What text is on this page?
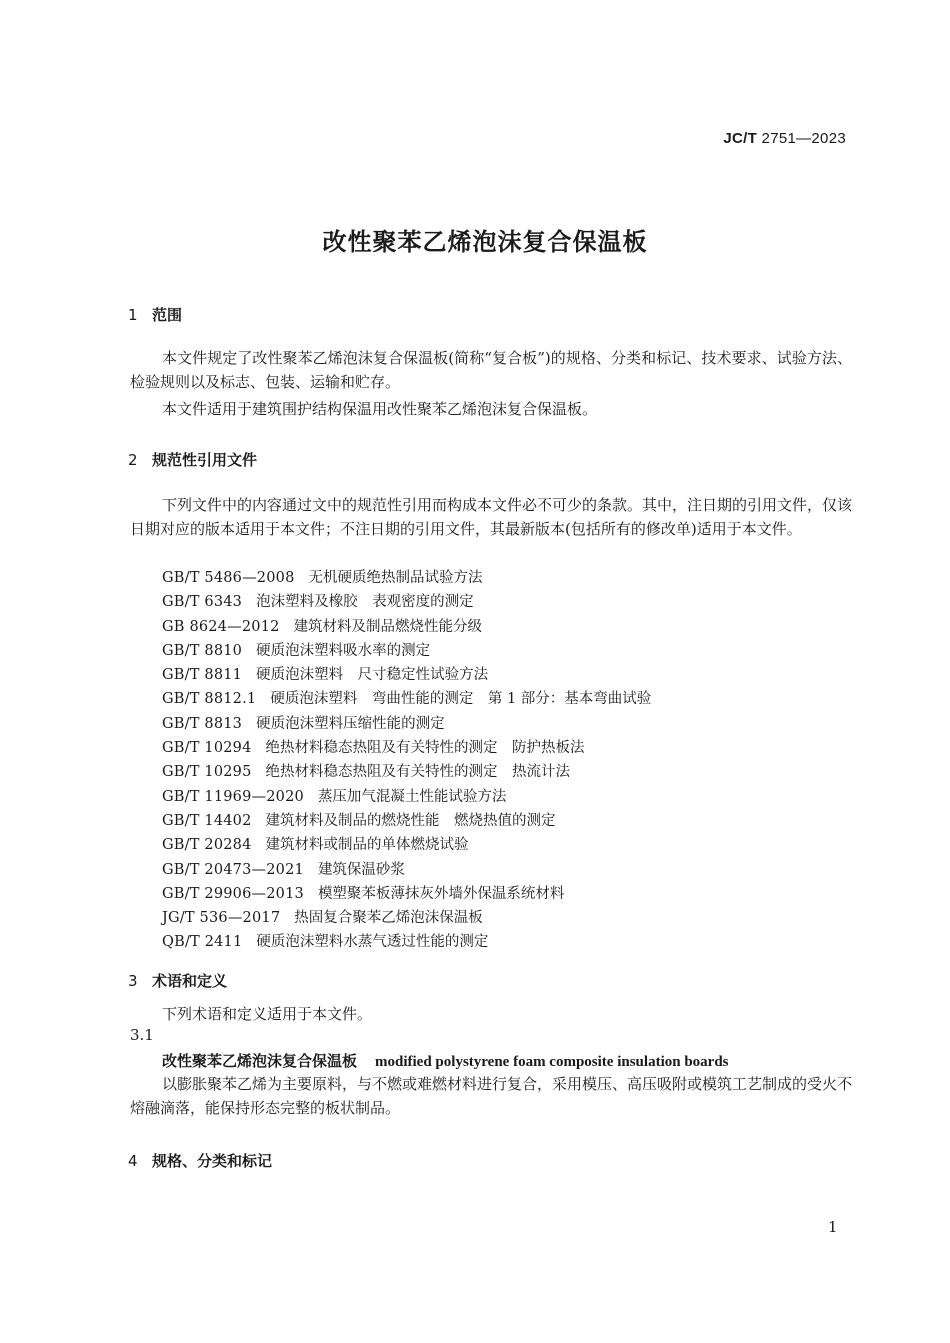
JC/T 2751—2023
改性聚苯乙烯泡沫复合保温板
1 范围
本文件规定了改性聚苯乙烯泡沫复合保温板(简称“复合板”)的规格、分类和标记、技术要求、试验方法、检验规则以及标志、包装、运输和贮存。
本文件适用于建筑围护结构保温用改性聚苯乙烯泡沫复合保温板。
2 规范性引用文件
下列文件中的内容通过文中的规范性引用而构成本文件必不可少的条款。其中，注日期的引用文件，仅该日期对应的版本适用于本文件；不注日期的引用文件，其最新版本(包括所有的修改单)适用于本文件。
GB/T 5486—2008 无机硬质绝热制品试验方法
GB/T 6343 泡沫塑料及橡胶　表观密度的测定
GB 8624—2012 建筑材料及制品燃烧性能分级
GB/T 8810 硬质泡沫塑料吸水率的测定
GB/T 8811 硬质泡沫塑料　尺寸稳定性试验方法
GB/T 8812.1 硬质泡沫塑料　弯曲性能的测定　第 1 部分：基本弯曲试验
GB/T 8813 硬质泡沫塑料压缩性能的测定
GB/T 10294 绝热材料稳态热阻及有关特性的测定　防护热板法
GB/T 10295 绝热材料稳态热阻及有关特性的测定　热流计法
GB/T 11969—2020 蒸压加气混凝土性能试验方法
GB/T 14402 建筑材料及制品的燃烧性能　燃烧热值的测定
GB/T 20284 建筑材料或制品的单体燃烧试验
GB/T 20473—2021 建筑保温砂浆
GB/T 29906—2013 模塑聚苯板薄抹灰外墙外保温系统材料
JG/T 536—2017 热固复合聚苯乙烯泡沫保温板
QB/T 2411 硬质泡沫塑料水蒸气透过性能的测定
3 术语和定义
下列术语和定义适用于本文件。
3.1
改性聚苯乙烯泡沫复合保温板 modified polystyrene foam composite insulation boards
以膨胀聚苯乙烯为主要原料，与不燃或难燃材料进行复合，采用模压、高压吸附或模筑工艺制成的受火不熔融滴落，能保持形态完整的板状制品。
4 规格、分类和标记
1
